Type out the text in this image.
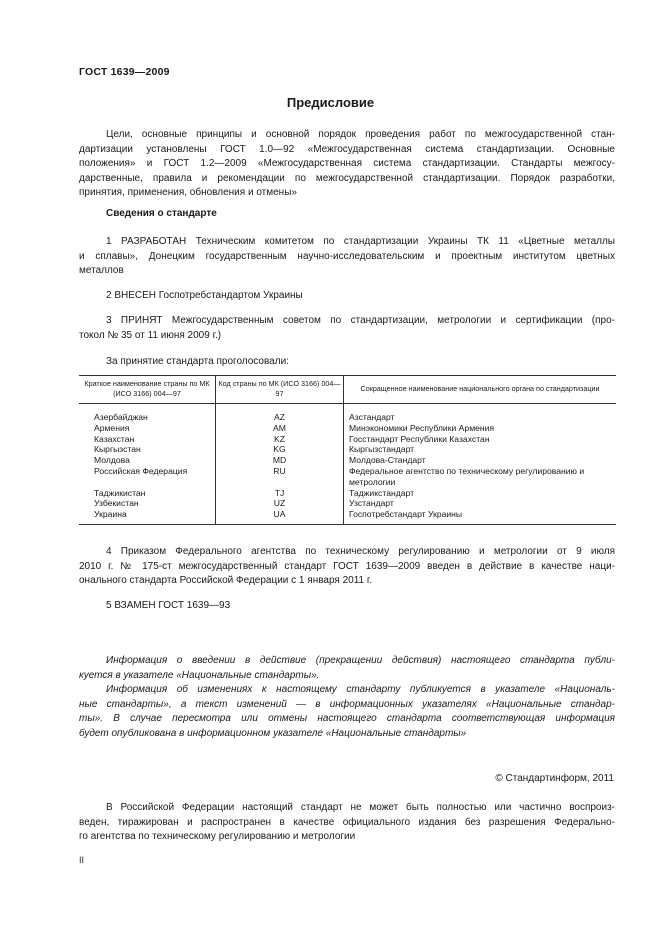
ГОСТ 1639—2009
Предисловие
Цели, основные принципы и основной порядок проведения работ по межгосударственной стан-
дартизации установлены ГОСТ 1.0—92 «Межгосударственная система стандартизации. Основные
положения» и ГОСТ 1.2—2009 «Межгосударственная система стандартизации. Стандарты межгосу-
дарственные, правила и рекомендации по межгосударственной стандартизации. Порядок разработки,
принятия, применения, обновления и отмены»
Сведения о стандарте
1 РАЗРАБОТАН Техническим комитетом по стандартизации Украины ТК 11 «Цветные металлы
и сплавы», Донецким государственным научно-исследовательским и проектным институтом цветных
металлов
2 ВНЕСЕН Госпотребстандартом Украины
3 ПРИНЯТ Межгосударственным советом по стандартизации, метрологии и сертификации (про-
токол № 35 от 11 июня 2009 г.)
За принятие стандарта проголосовали:
Краткое наименование страны по МК (ИСО 3166) 004—97	Код страны по МК (ИСО 3166) 004—97	Сокращенное наименование национального органа по стандартизации
Азербайджан	AZ	Азстандарт
Армения	AM	Минэкономики Республики Армения
Казахстан	KZ	Госстандарт Республики Казахстан
Кыргызстан	KG	Кыргызстандарт
Молдова	MD	Молдова-Стандарт
Российская Федерация	RU	Федеральное агентство по техническому регулированию и метрологии
Таджикистан	TJ	Таджикстандарт
Узбекистан	UZ	Узстандарт
Украина	UA	Госпотребстандарт Украины
4 Приказом Федерального агентства по техническому регулированию и метрологии от 9 июля
2010 г. № 175-ст межгосударственный стандарт ГОСТ 1639—2009 введен в действие в качестве наци-
онального стандарта Российской Федерации с 1 января 2011 г.
5 ВЗАМЕН ГОСТ 1639—93
Информация о введении в действие (прекращении действия) настоящего стандарта публи-
куется в указателе «Национальные стандарты».
Информация об изменениях к настоящему стандарту публикуется в указателе «Националь-
ные стандарты», а текст изменений — в информационных указателях «Национальные стандар-
ты». В случае пересмотра или отмены настоящего стандарта соответствующая информация
будет опубликована в информационном указателе «Национальные стандарты»
© Стандартинформ, 2011
В Российской Федерации настоящий стандарт не может быть полностью или частично воспроиз-
веден, тиражирован и распространен в качестве официального издания без разрешения Федерально-
го агентства по техническому регулированию и метрологии
II
